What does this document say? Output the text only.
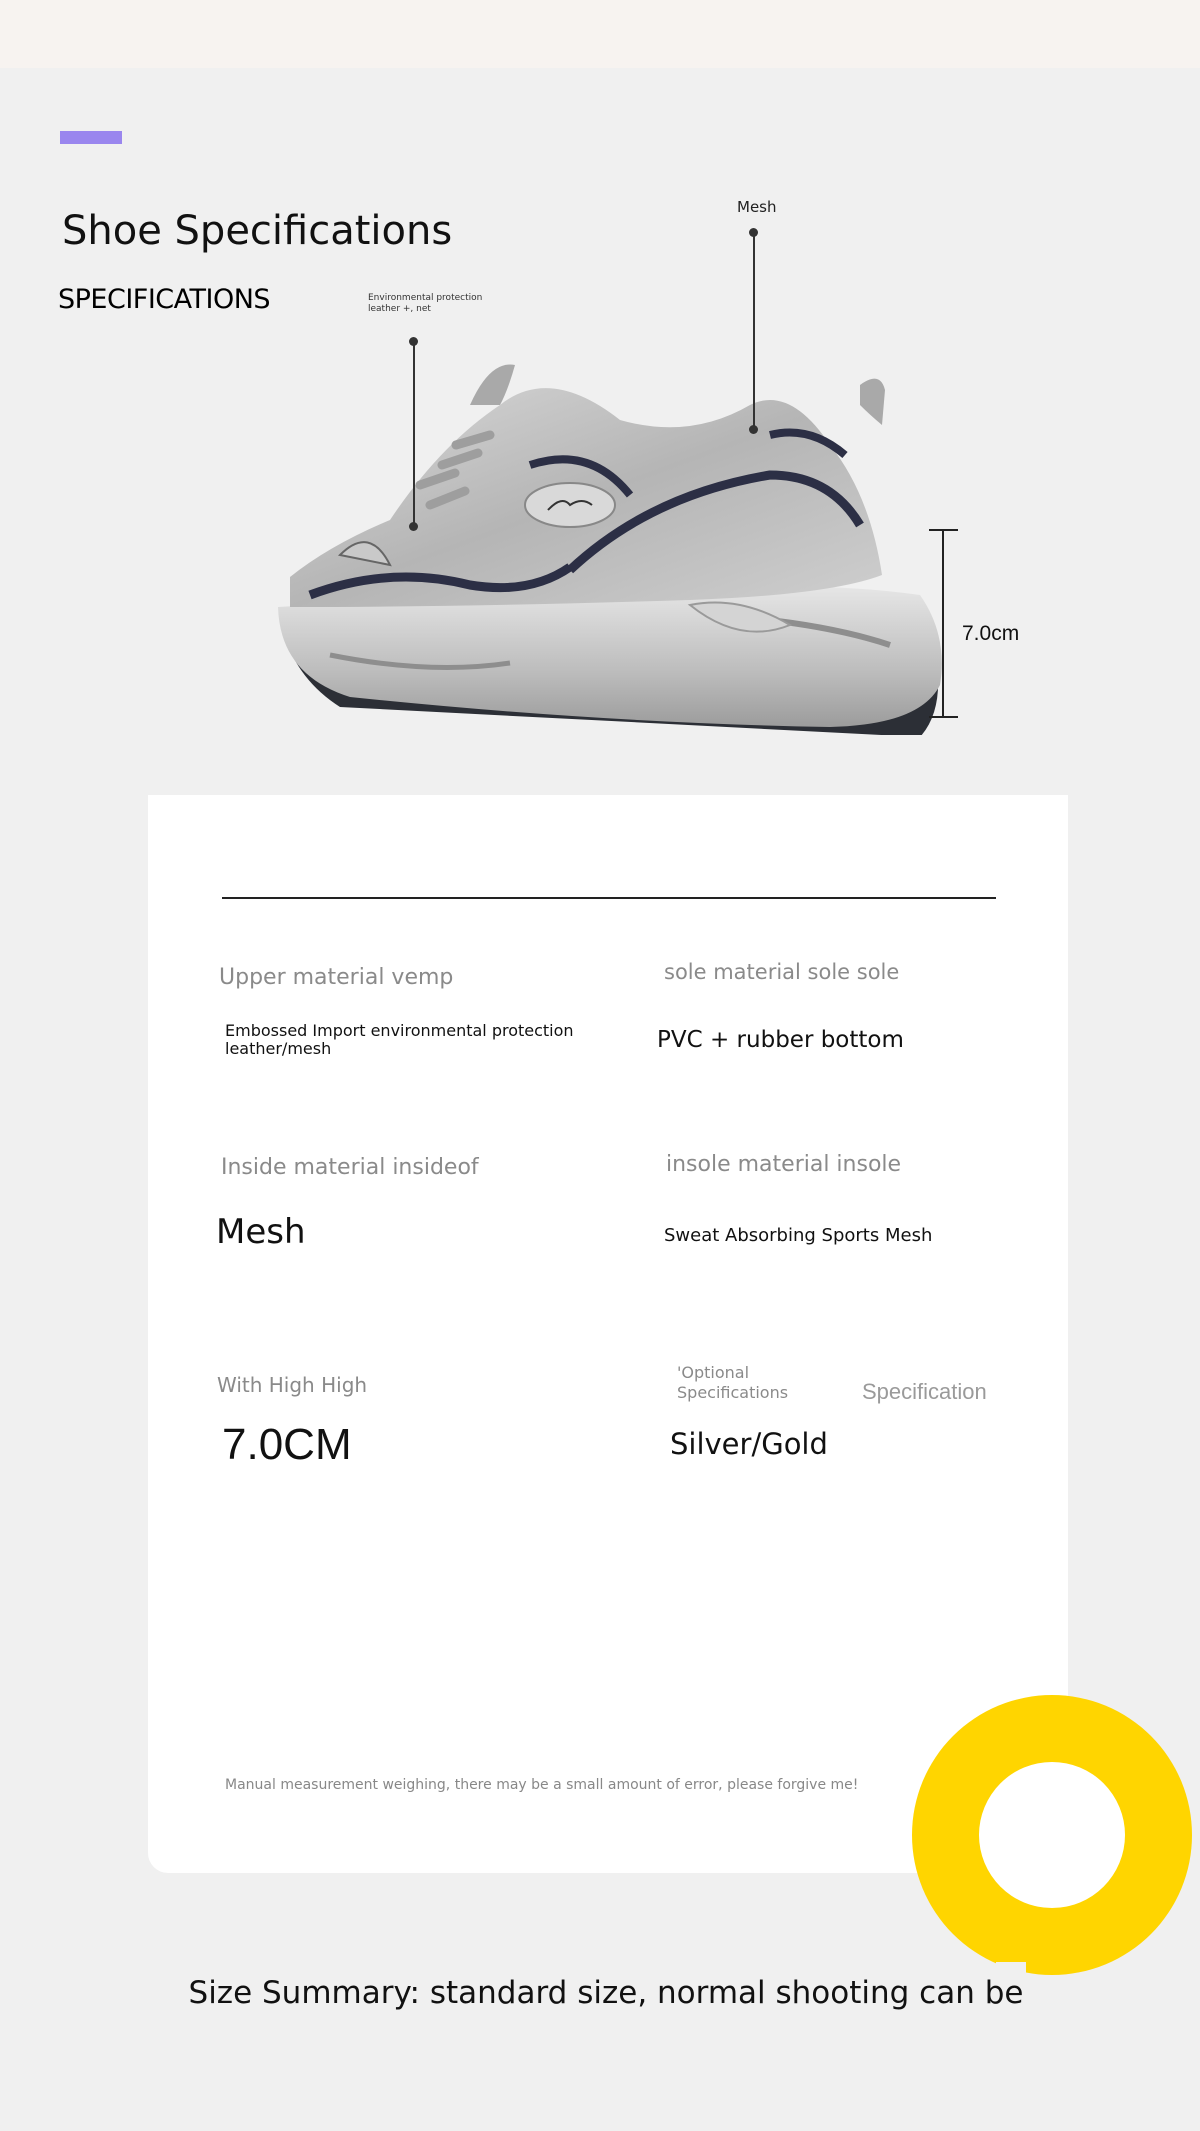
Shoe Specifications
SPECIFICATIONS	Environmental protection leather +, net
Mesh
7.0cm
Upper material vemp
Embossed Import environmental protection leather/mesh
sole material sole sole
PVC + rubber bottom
Inside material insideof
Mesh
insole material insole
Sweat Absorbing Sports Mesh
With High High
7.0CM
'Optional Specifications	Specification
Silver/Gold
Manual measurement weighing, there may be a small amount of error, please forgive me!
Size Summary: standard size, normal shooting can be
